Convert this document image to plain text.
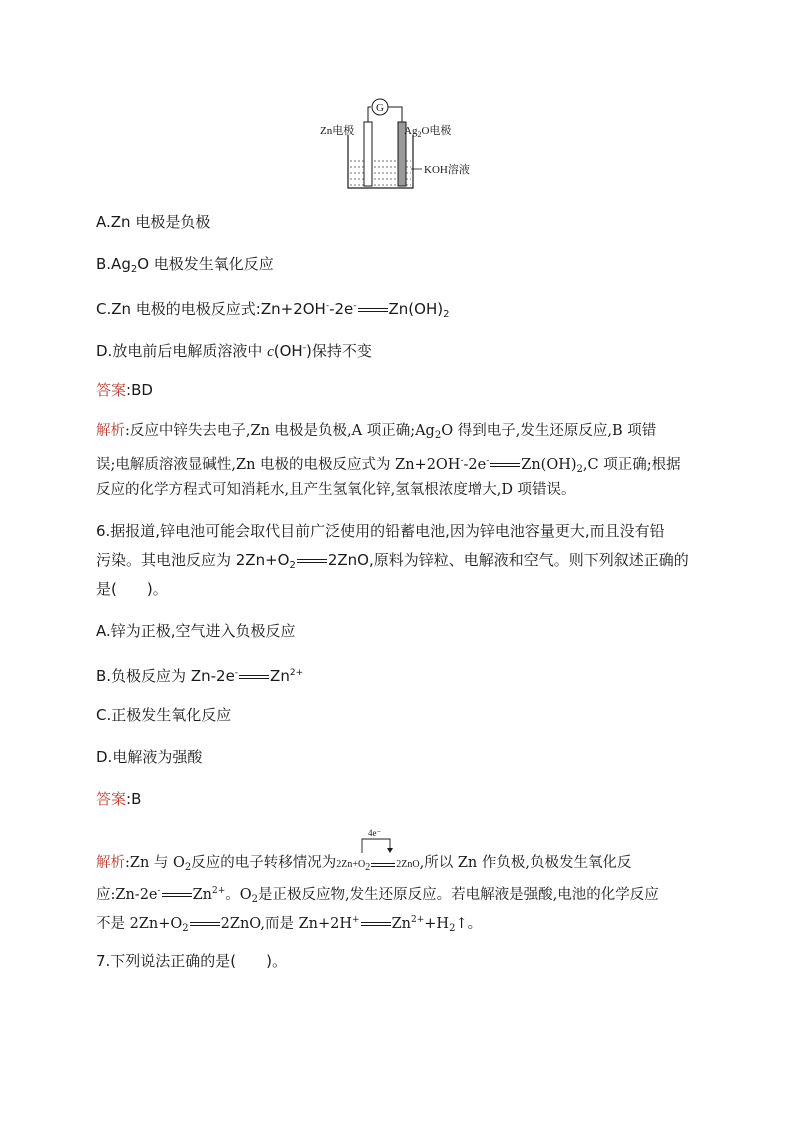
G
Zn电极	$Ag_2O$电极
KOH溶液
A.Zn 电极是负极
$B.Ag_2O$ 电极发生氧化反应
C.Zn 电极的电极反应式:Zn+2OH--2e- $Zn(OH)_2$
D.放电前后电解质溶液中 c(OH-)保持不变
答案:BD
解析:反应中锌失去电子,Zn 电极是负极,A 项正确$;Ag_2O$ 得到电子,发生还原反应,B 项错
误;电解质溶液显碱性,Zn 电极的电极反应式为 Zn+2OH--2e- $Zn(OH)_2,C$ 项正确;根据
反应的化学方程式可知消耗水,且产生氢氧化锌,氢氧根浓度增大,D 项错误。
6.据报道,锌电池可能会取代目前广泛使用的铅蓄电池,因为锌电池容量更大,而且没有铅
污染。其电池反应为 $2Zn+O_2$ 2ZnO,原料为锌粒、电解液和空气。则下列叙述正确的
是(　　)。
A.锌为正极,空气进入负极反应
B.负极反应为 Zn-2e- $Zn^{2+}$
C.正极发生氧化反应
D.电解液为强酸
答案:B
4e⁻
解析:Zn 与 $O_2$反应的电子转移情况为$2Zn+O_2$	2ZnO,所以 Zn 作负极,负极发生氧化反
应:Zn-2e- $Zn^{2+}$。$O_2$是正极反应物,发生还原反应。若电解液是强酸,电池的化学反应
不是 $2Zn+O_2$ 2ZnO,而是 Zn+2H+ $Zn^{2+}+H_2↑$。
7.下列说法正确的是(　　)。
